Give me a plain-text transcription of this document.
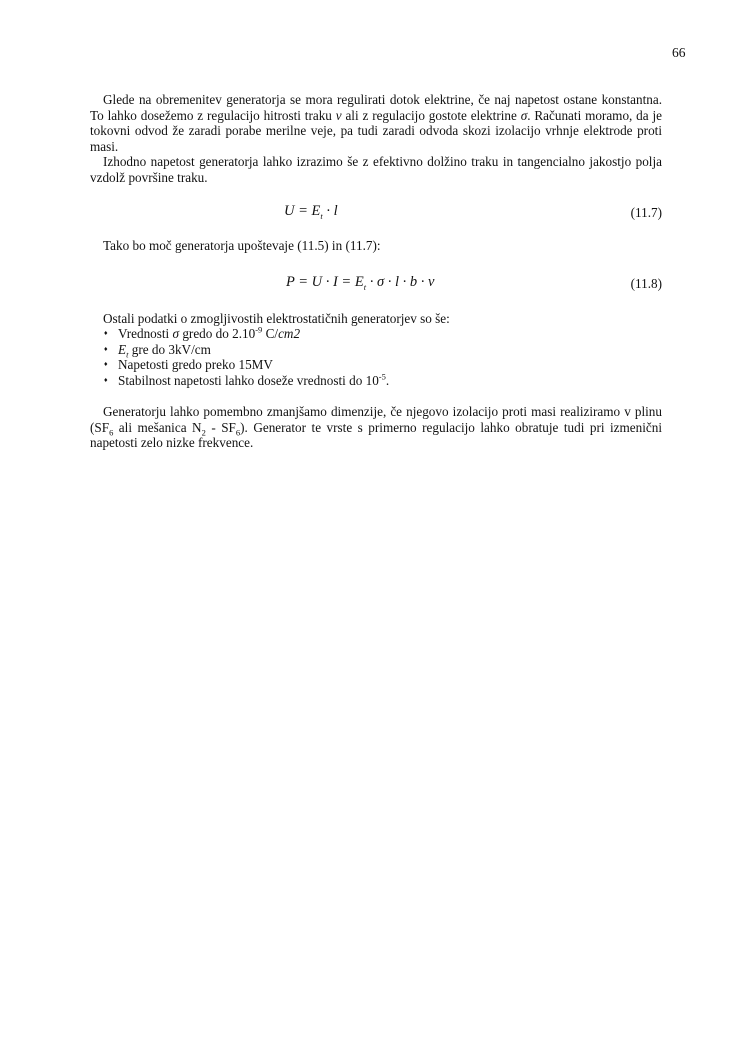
66
Glede na obremenitev generatorja se mora regulirati dotok elektrine, če naj napetost ostane konstantna. To lahko dosežemo z regulacijo hitrosti traku v ali z regulacijo gostote elektrine σ. Računati moramo, da je tokovni odvod že zaradi porabe merilne veje, pa tudi zaradi odvoda skozi izolacijo vrhnje elektrode proti masi.
Izhodno napetost generatorja lahko izrazimo še z efektivno dolžino traku in tangencialno jakostjo polja vzdolž površine traku.
$U = E_t \cdot l$	(11.7)
Tako bo moč generatorja upoštevaje (11.5) in (11.7):
$P = U \cdot I = E_t \cdot \sigma \cdot l \cdot b \cdot v$	(11.8)
Ostali podatki o zmogljivostih elektrostatičnih generatorjev so še:
♦ Vrednosti σ gredo do $2.10^{-9}$ C/cm2
♦ $E_t$ gre do 3kV/cm
♦ Napetosti gredo preko 15MV
♦ Stabilnost napetosti lahko doseže vrednosti do $10^{-5}$.
Generatorju lahko pomembno zmanjšamo dimenzije, če njegovo izolacijo proti masi realiziramo v plinu ($SF_6$ ali mešanica $N_2 - SF_6$). Generator te vrste s primerno regulacijo lahko obratuje tudi pri izmenični napetosti zelo nizke frekvence.
